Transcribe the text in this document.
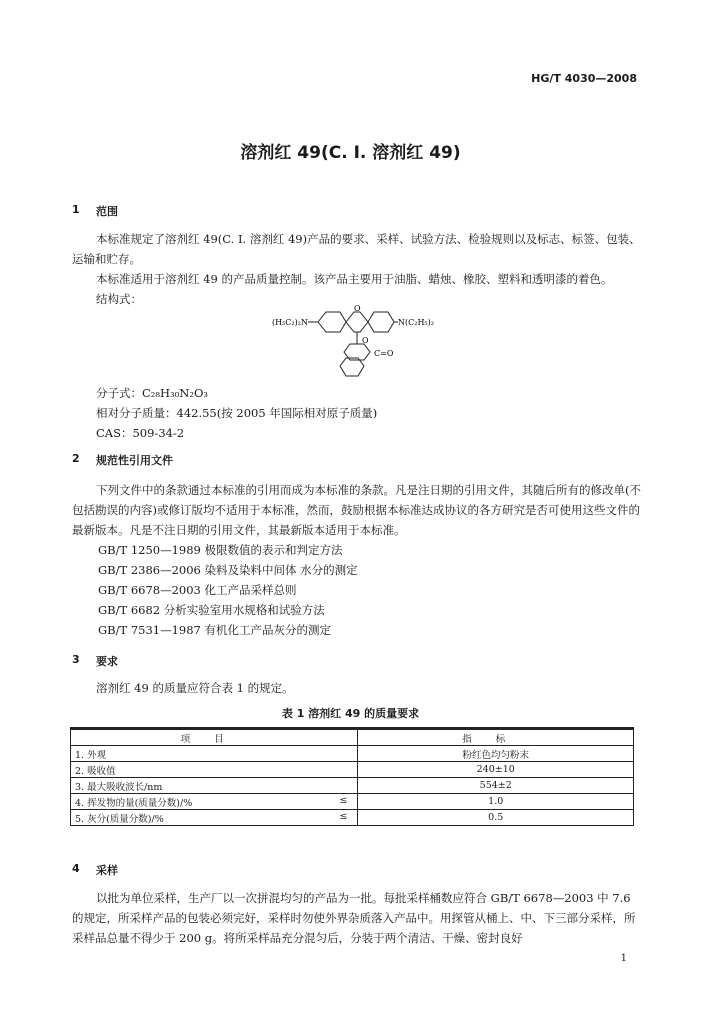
HG/T 4030—2008
溶剂红 49(C. I. 溶剂红 49)
1 范围
本标准规定了溶剂红 49(C. I. 溶剂红 49)产品的要求、采样、试验方法、检验规则以及标志、标签、包装、运输和贮存。
本标准适用于溶剂红 49 的产品质量控制。该产品主要用于油脂、蜡烛、橡胶、塑料和透明漆的着色。
结构式：
(H₅C₂)₂N
O
N(C₂H₅)₂
O
C=O
分子式：C₂₈H₃₀N₂O₃
相对分子质量：442.55(按 2005 年国际相对原子质量)
CAS：509-34-2
2 规范性引用文件
下列文件中的条款通过本标准的引用而成为本标准的条款。凡是注日期的引用文件，其随后所有的修改单(不包括勘误的内容)或修订版均不适用于本标准，然而，鼓励根据本标准达成协议的各方研究是否可使用这些文件的最新版本。凡是不注日期的引用文件，其最新版本适用于本标准。
GB/T 1250—1989 极限数值的表示和判定方法
GB/T 2386—2006 染料及染料中间体 水分的测定
GB/T 6678—2003 化工产品采样总则
GB/T 6682 分析实验室用水规格和试验方法
GB/T 7531—1987 有机化工产品灰分的测定
3 要求
溶剂红 49 的质量应符合表 1 的规定。
表 1 溶剂红 49 的质量要求
项目	指标
1. 外观	粉红色均匀粉末
2. 吸收值	240±10
3. 最大吸收波长/nm	554±2
4. 挥发物的量(质量分数)/% ≤	1.0
5. 灰分(质量分数)/% ≤	0.5
4 采样
以批为单位采样，生产厂以一次拼混均匀的产品为一批。每批采样桶数应符合 GB/T 6678—2003 中 7.6 的规定，所采样产品的包装必须完好，采样时勿使外界杂质落入产品中。用探管从桶上、中、下三部分采样，所采样品总量不得少于 200 g。将所采样品充分混匀后，分装于两个清洁、干燥、密封良好
1
